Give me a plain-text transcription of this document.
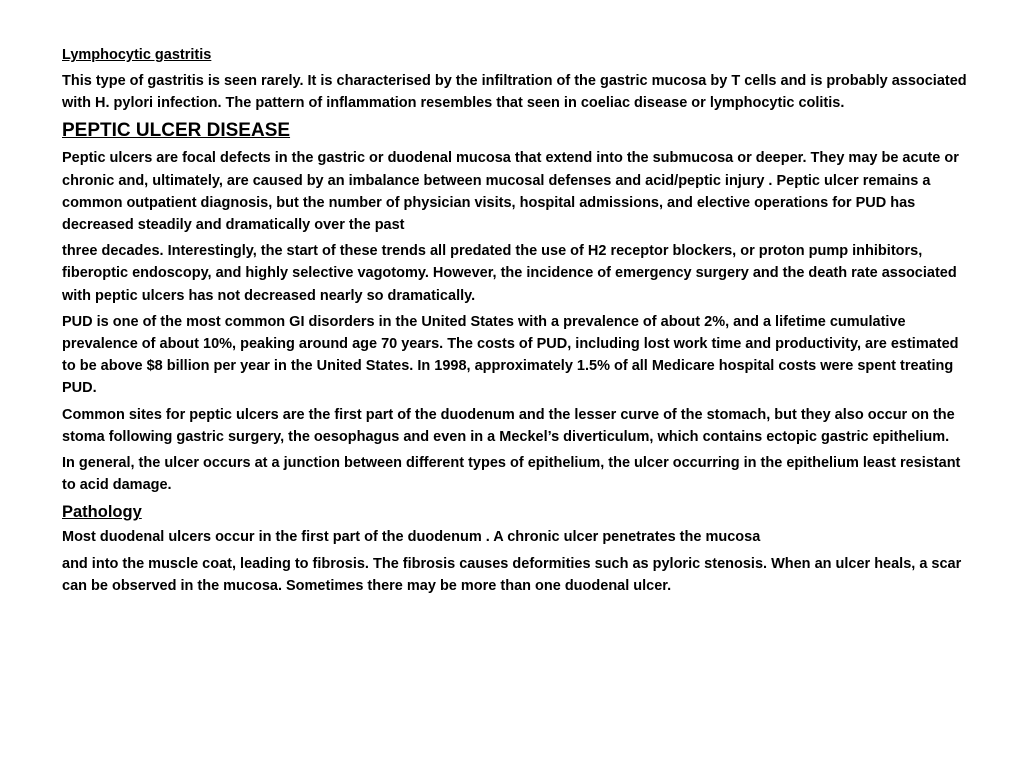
Lymphocytic gastritis

This type of gastritis is seen rarely. It is characterised by the infiltration of the gastric mucosa by T cells and is probably associated with H. pylori infection. The pattern of inflammation resembles that seen in coeliac disease or lymphocytic colitis.

PEPTIC ULCER DISEASE

Peptic ulcers are focal defects in the gastric or duodenal mucosa that extend into the submucosa or deeper. They may be acute or chronic and, ultimately, are caused by an imbalance between mucosal defenses and acid/peptic injury . Peptic ulcer remains a common outpatient diagnosis, but the number of physician visits, hospital admissions, and elective operations for PUD has decreased steadily and dramatically over the past

three decades. Interestingly, the start of these trends all predated the use of H2 receptor blockers, or proton pump inhibitors, fiberoptic endoscopy, and highly selective vagotomy. However, the incidence of emergency surgery and the death rate associated with peptic ulcers has not decreased nearly so dramatically.

PUD is one of the most common GI disorders in the United States with a prevalence of about 2%, and a lifetime cumulative prevalence of about 10%, peaking around age 70 years. The costs of PUD, including lost work time and productivity, are estimated to be above $8 billion per year in the United States. In 1998, approximately 1.5% of all Medicare hospital costs were spent treating PUD.

Common sites for peptic ulcers are the first part of the duodenum and the lesser curve of the stomach, but they also occur on the stoma following gastric surgery, the oesophagus and even in a Meckel’s diverticulum, which contains ectopic gastric epithelium.

In general, the ulcer occurs at a junction between different types of epithelium, the ulcer occurring in the epithelium least resistant to acid damage.

Pathology

Most duodenal ulcers occur in the first part of the duodenum . A chronic ulcer penetrates the mucosa

and into the muscle coat, leading to fibrosis. The fibrosis causes deformities such as pyloric stenosis. When an ulcer heals, a scar can be observed in the mucosa. Sometimes there may be more than one duodenal ulcer.
